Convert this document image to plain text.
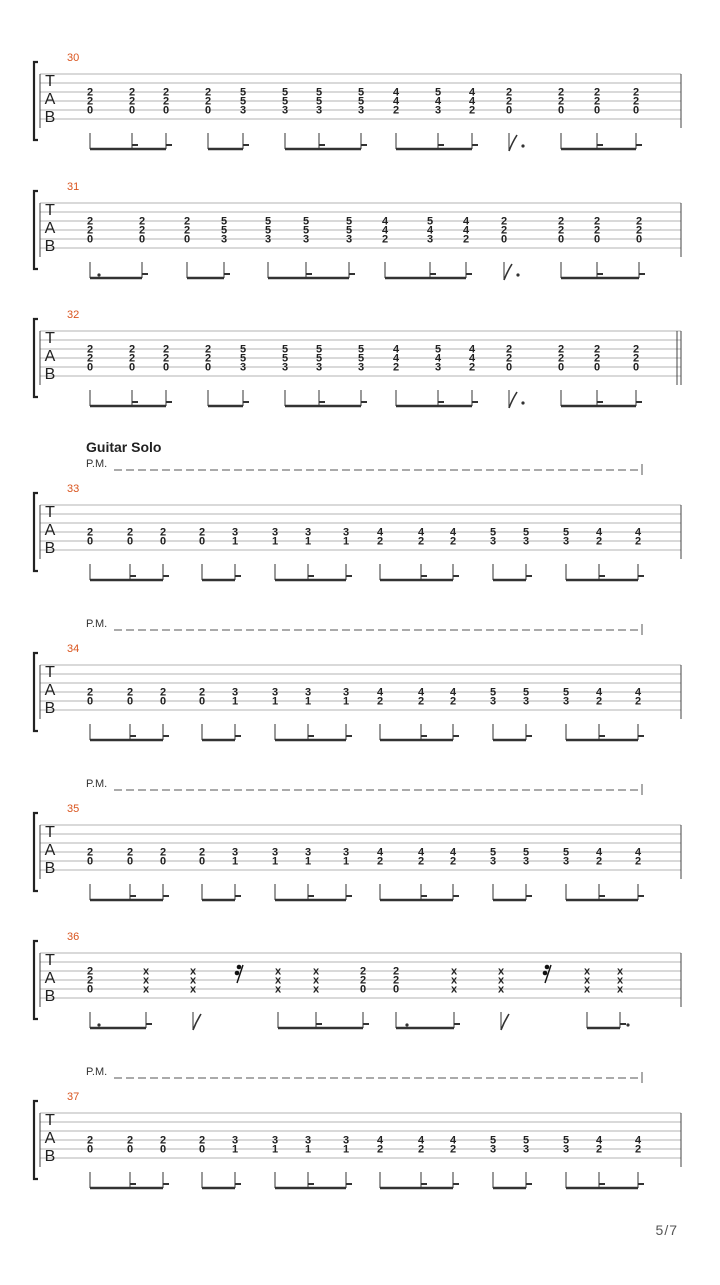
30
T
A
B
2
2
0
2
2
0
2
2
0
2
2
0
5
5
3
5
5
3
5
5
3
5
5
3
4
4
2
5
4
3
4
4
2
2
2
0
2
2
0
2
2
0
2
2
0
31
T
A
B
2
2
0
2
2
0
2
2
0
5
5
3
5
5
3
5
5
3
5
5
3
4
4
2
5
4
3
4
4
2
2
2
0
2
2
0
2
2
0
2
2
0
32
T
A
B
2
2
0
2
2
0
2
2
0
2
2
0
5
5
3
5
5
3
5
5
3
5
5
3
4
4
2
5
4
3
4
4
2
2
2
0
2
2
0
2
2
0
2
2
0
33
Guitar Solo
P.M.
T
A
B
2
0
2
0
2
0
2
0
3
1
3
1
3
1
3
1
4
2
4
2
4
2
5
3
5
3
5
3
4
2
4
2
34
P.M.
T
A
B
2
0
2
0
2
0
2
0
3
1
3
1
3
1
3
1
4
2
4
2
4
2
5
3
5
3
5
3
4
2
4
2
35
P.M.
T
A
B
2
0
2
0
2
0
2
0
3
1
3
1
3
1
3
1
4
2
4
2
4
2
5
3
5
3
5
3
4
2
4
2
36
T
A
B
2
2
0
x
x
x
x
x
x
x
x
x
x
x
x
2
2
0
2
2
0
x
x
x
x
x
x
x
x
x
x
x
x
37
P.M.
T
A
B
2
0
2
0
2
0
2
0
3
1
3
1
3
1
3
1
4
2
4
2
4
2
5
3
5
3
5
3
4
2
4
2
5/7
